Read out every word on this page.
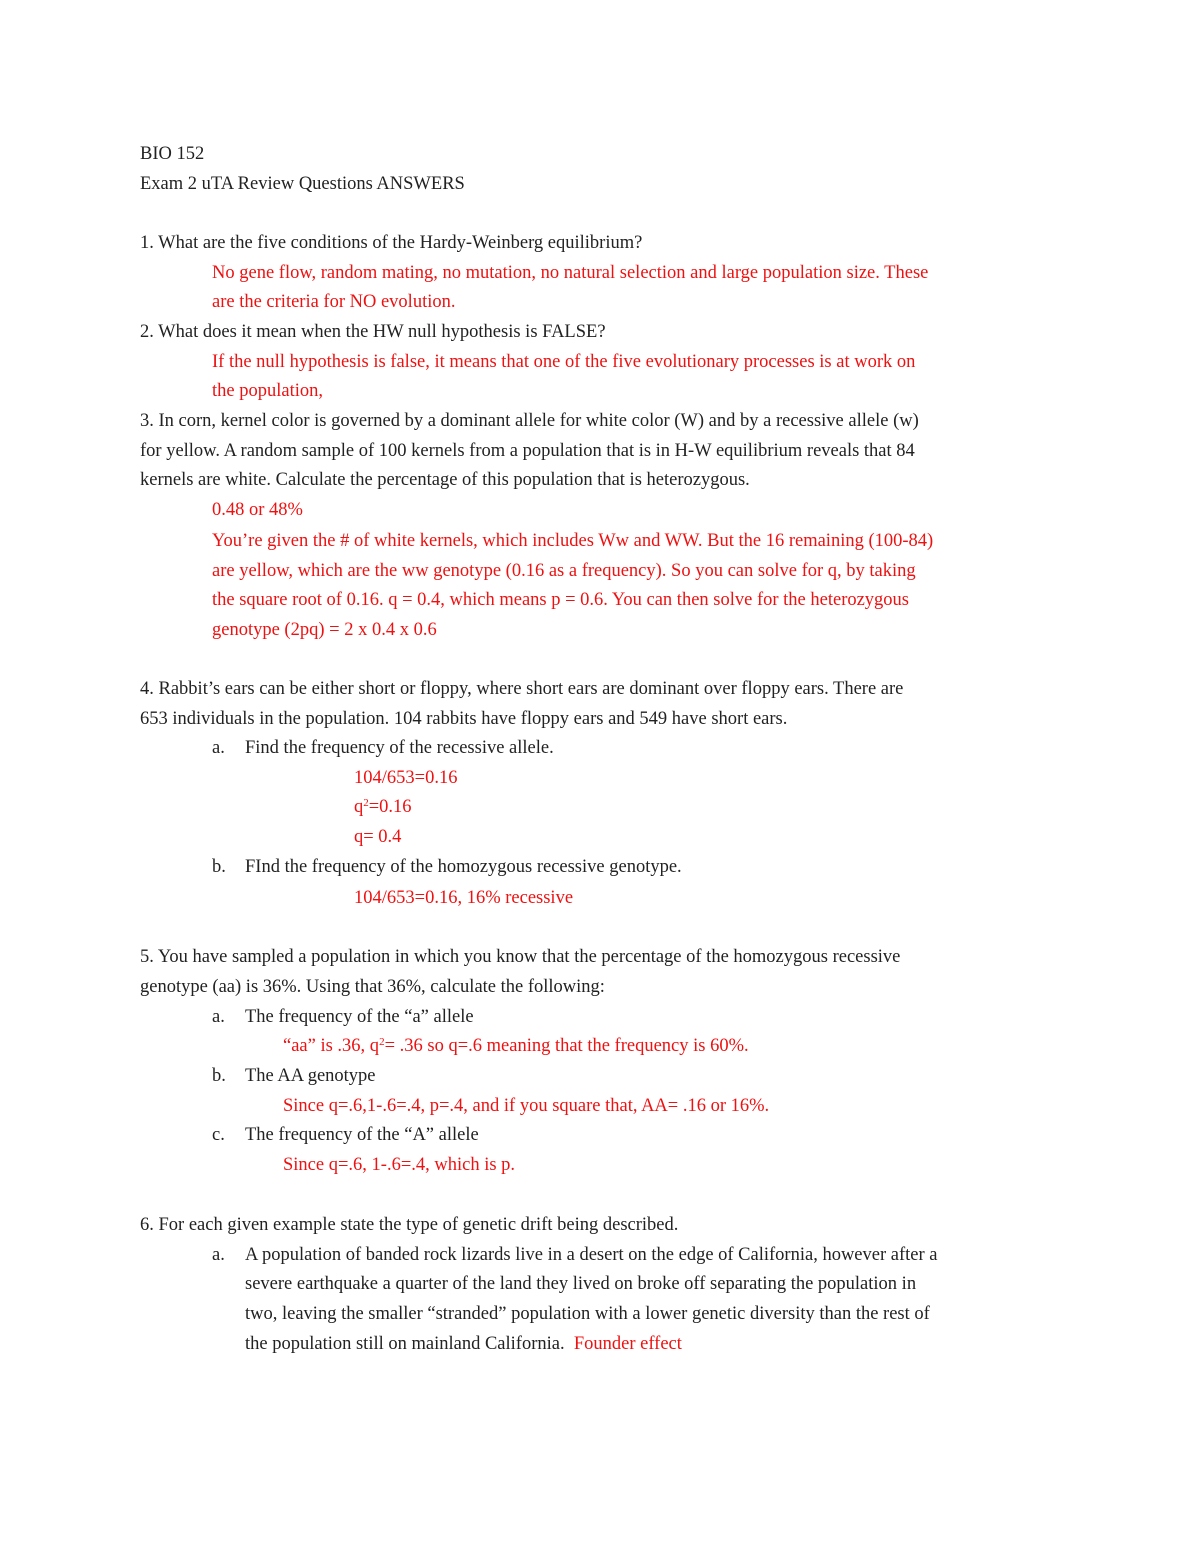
BIO 152
Exam 2 uTA Review Questions ANSWERS
1. What are the five conditions of the Hardy-Weinberg equilibrium?
No gene flow, random mating, no mutation, no natural selection and large population size. These
are the criteria for NO evolution.
2. What does it mean when the HW null hypothesis is FALSE?
If the null hypothesis is false, it means that one of the five evolutionary processes is at work on
the population,
3. In corn, kernel color is governed by a dominant allele for white color (W) and by a recessive allele (w)
for yellow. A random sample of 100 kernels from a population that is in H-W equilibrium reveals that 84
kernels are white. Calculate the percentage of this population that is heterozygous.
0.48 or 48%
You’re given the # of white kernels, which includes Ww and WW. But the 16 remaining (100-84)
are yellow, which are the ww genotype (0.16 as a frequency). So you can solve for q, by taking
the square root of 0.16. q = 0.4, which means p = 0.6. You can then solve for the heterozygous
genotype (2pq) = 2 x 0.4 x 0.6
4. Rabbit’s ears can be either short or floppy, where short ears are dominant over floppy ears. There are
653 individuals in the population. 104 rabbits have floppy ears and 549 have short ears.
a. Find the frequency of the recessive allele.
104/653=0.16
$q^2=0.16$
q= 0.4
b. FInd the frequency of the homozygous recessive genotype.
104/653=0.16, 16% recessive
5. You have sampled a population in which you know that the percentage of the homozygous recessive
genotype (aa) is 36%. Using that 36%, calculate the following:
a. The frequency of the “a” allele
“aa” is .36, $q^2= .36$ so q=.6 meaning that the frequency is 60%.
b. The AA genotype
Since q=.6,1-.6=.4, p=.4, and if you square that, AA= .16 or 16%.
c. The frequency of the “A” allele
Since q=.6, 1-.6=.4, which is p.
6. For each given example state the type of genetic drift being described.
a. A population of banded rock lizards live in a desert on the edge of California, however after a
severe earthquake a quarter of the land they lived on broke off separating the population in
two, leaving the smaller “stranded” population with a lower genetic diversity than the rest of
the population still on mainland California. Founder effect
